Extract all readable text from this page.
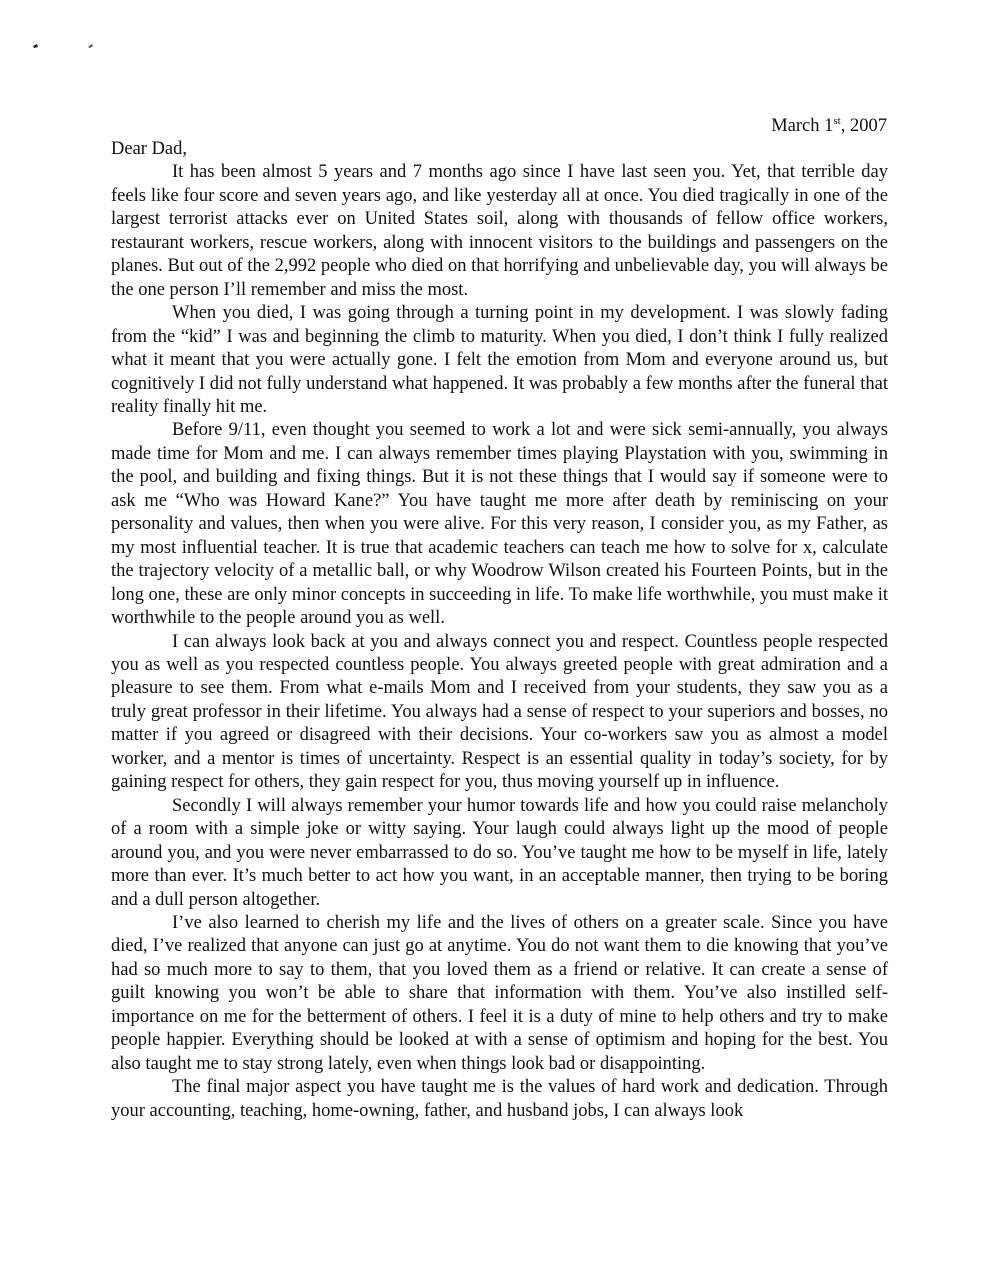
March 1st, 2007

Dear Dad,

It has been almost 5 years and 7 months ago since I have last seen you. Yet, that terrible day feels like four score and seven years ago, and like yesterday all at once. You died tragically in one of the largest terrorist attacks ever on United States soil, along with thousands of fellow office workers, restaurant workers, rescue workers, along with innocent visitors to the buildings and passengers on the planes. But out of the 2,992 people who died on that horrifying and unbelievable day, you will always be the one person I’ll remember and miss the most.

When you died, I was going through a turning point in my development. I was slowly fading from the “kid” I was and beginning the climb to maturity. When you died, I don’t think I fully realized what it meant that you were actually gone. I felt the emotion from Mom and everyone around us, but cognitively I did not fully understand what happened. It was probably a few months after the funeral that reality finally hit me.

Before 9/11, even thought you seemed to work a lot and were sick semi-annually, you always made time for Mom and me. I can always remember times playing Playstation with you, swimming in the pool, and building and fixing things. But it is not these things that I would say if someone were to ask me “Who was Howard Kane?” You have taught me more after death by reminiscing on your personality and values, then when you were alive. For this very reason, I consider you, as my Father, as my most influential teacher. It is true that academic teachers can teach me how to solve for x, calculate the trajectory velocity of a metallic ball, or why Woodrow Wilson created his Fourteen Points, but in the long one, these are only minor concepts in succeeding in life. To make life worthwhile, you must make it worthwhile to the people around you as well.

I can always look back at you and always connect you and respect. Countless people respected you as well as you respected countless people. You always greeted people with great admiration and a pleasure to see them. From what e-mails Mom and I received from your students, they saw you as a truly great professor in their lifetime. You always had a sense of respect to your superiors and bosses, no matter if you agreed or disagreed with their decisions. Your co-workers saw you as almost a model worker, and a mentor is times of uncertainty. Respect is an essential quality in today’s society, for by gaining respect for others, they gain respect for you, thus moving yourself up in influence.

Secondly I will always remember your humor towards life and how you could raise melancholy of a room with a simple joke or witty saying. Your laugh could always light up the mood of people around you, and you were never embarrassed to do so. You’ve taught me how to be myself in life, lately more than ever. It’s much better to act how you want, in an acceptable manner, then trying to be boring and a dull person altogether.

I’ve also learned to cherish my life and the lives of others on a greater scale. Since you have died, I’ve realized that anyone can just go at anytime. You do not want them to die knowing that you’ve had so much more to say to them, that you loved them as a friend or relative. It can create a sense of guilt knowing you won’t be able to share that information with them. You’ve also instilled self-importance on me for the betterment of others. I feel it is a duty of mine to help others and try to make people happier. Everything should be looked at with a sense of optimism and hoping for the best. You also taught me to stay strong lately, even when things look bad or disappointing.

The final major aspect you have taught me is the values of hard work and dedication. Through your accounting, teaching, home-owning, father, and husband jobs, I can always look
